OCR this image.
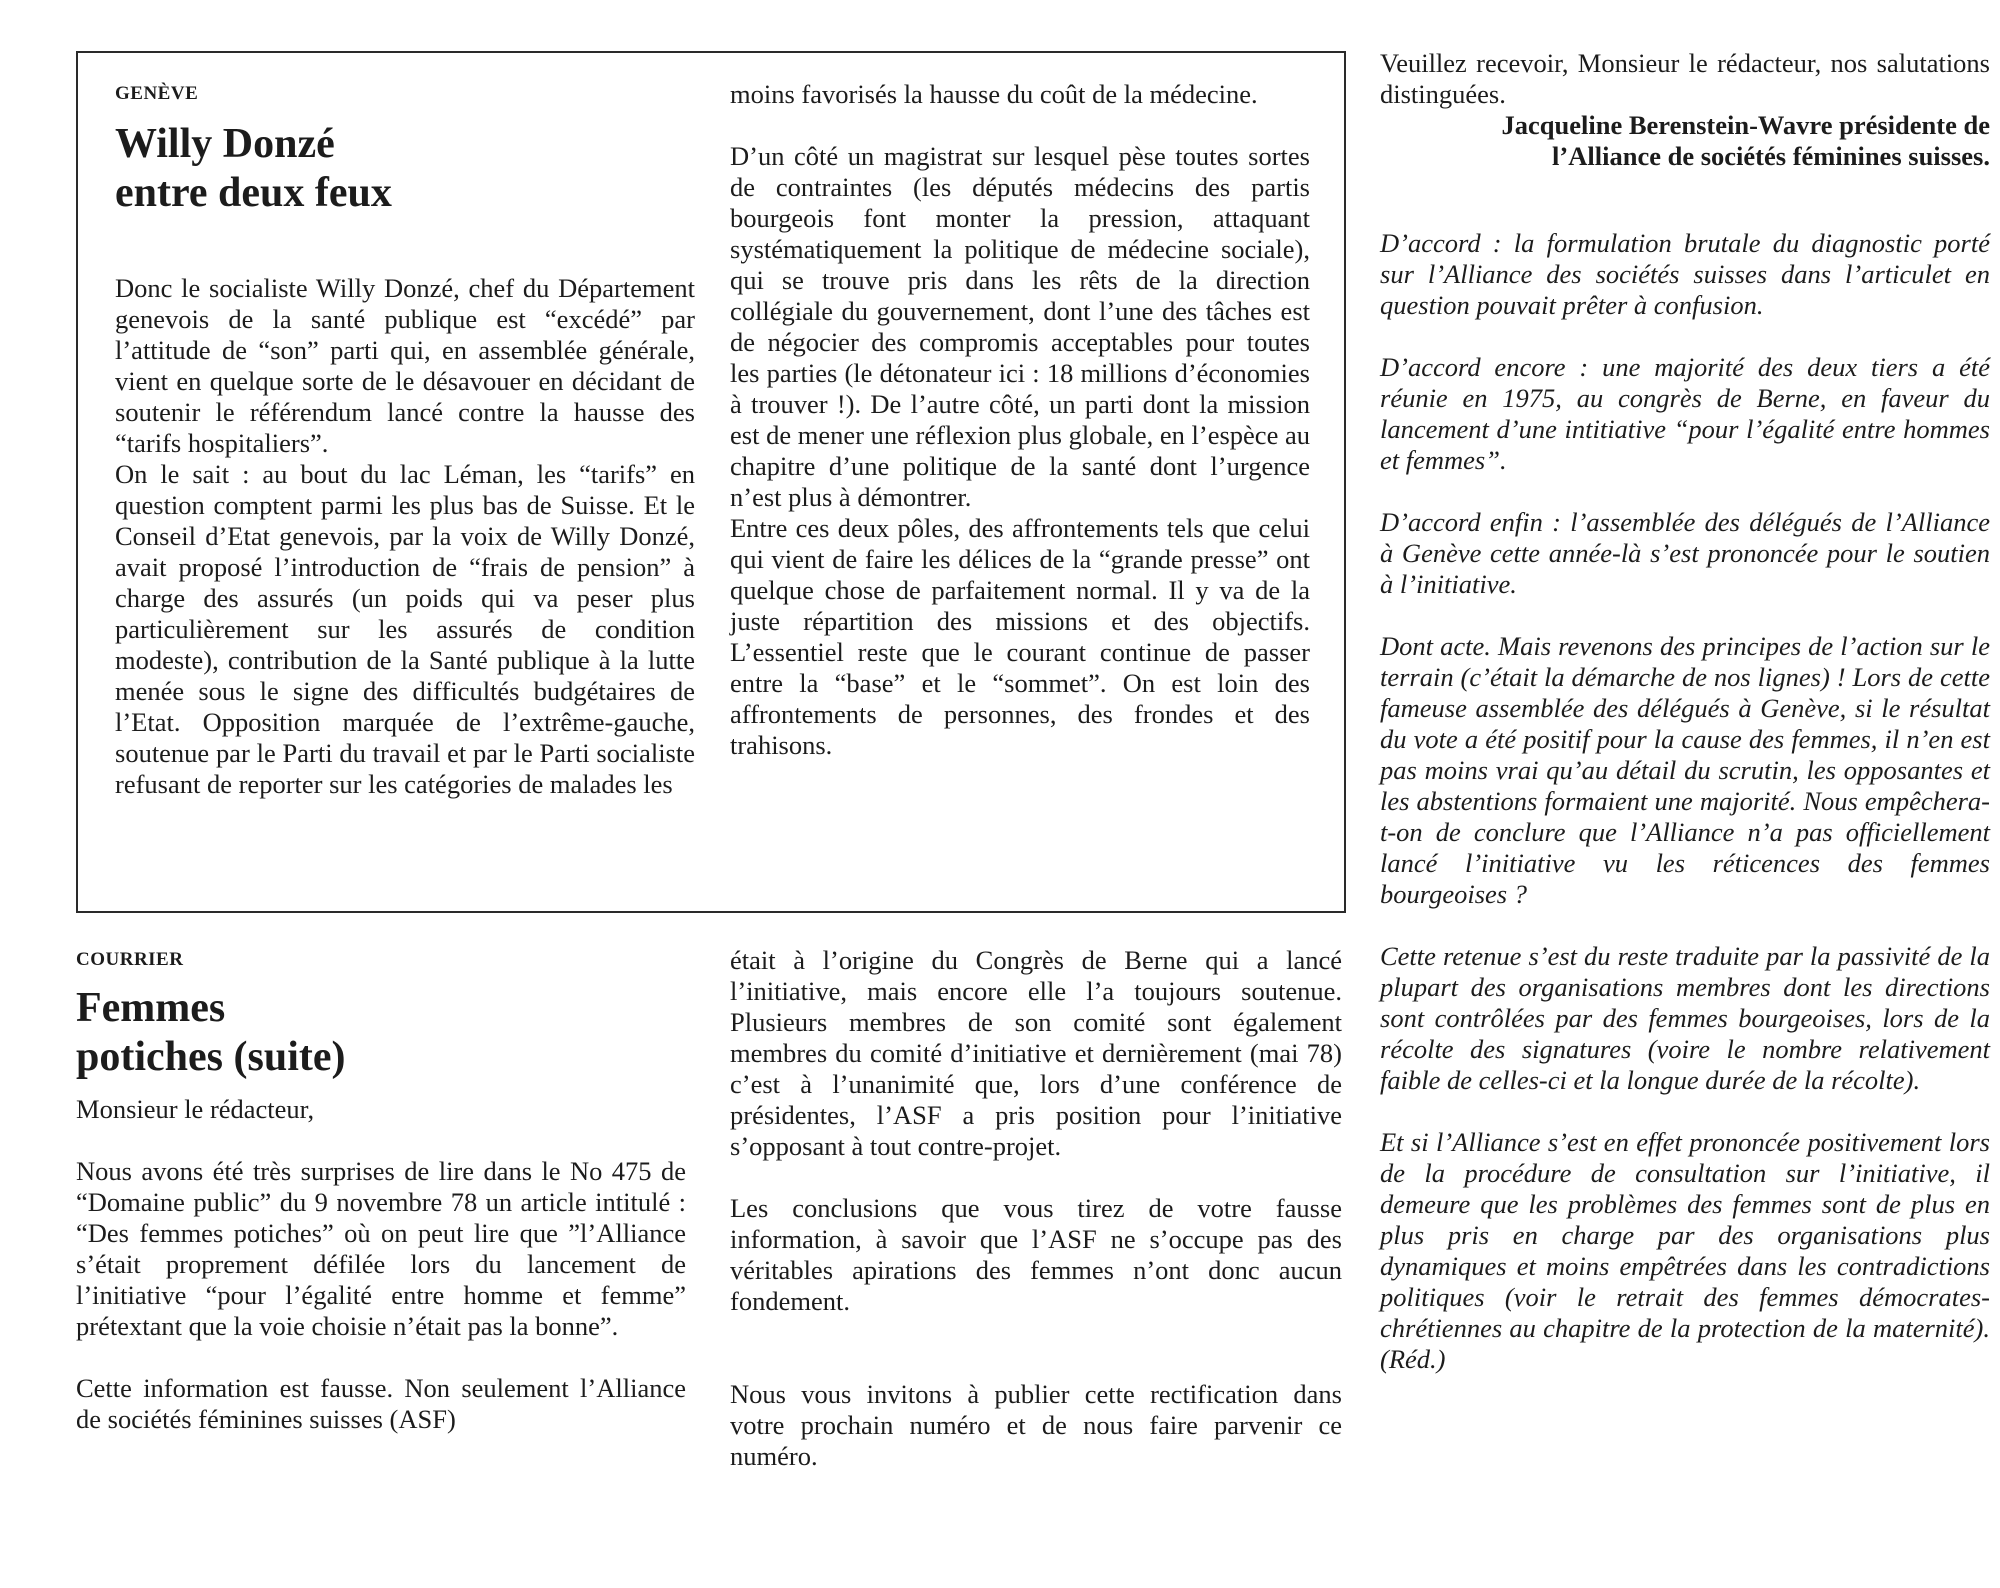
GENÈVE
Willy Donzé
entre deux feux

Donc le socialiste Willy Donzé, chef du Département genevois de la santé publique est “excédé” par l’attitude de “son” parti qui, en assemblée générale, vient en quelque sorte de le désavouer en décidant de soutenir le référendum lancé contre la hausse des “tarifs hospitaliers”.

On le sait : au bout du lac Léman, les “tarifs” en question comptent parmi les plus bas de Suisse. Et le Conseil d’Etat genevois, par la voix de Willy Donzé, avait proposé l’introduction de “frais de pension” à charge des assurés (un poids qui va peser plus particulièrement sur les assurés de condition modeste), contribution de la Santé publique à la lutte menée sous le signe des difficultés budgétaires de l’Etat. Opposition marquée de l’extrême-gauche, soutenue par le Parti du travail et par le Parti socialiste refusant de reporter sur les catégories de malades les

moins favorisés la hausse du coût de la médecine.

D’un côté un magistrat sur lesquel pèse toutes sortes de contraintes (les députés médecins des partis bourgeois font monter la pression, attaquant systématiquement la politique de médecine sociale), qui se trouve pris dans les rêts de la direction collégiale du gouvernement, dont l’une des tâches est de négocier des compromis acceptables pour toutes les parties (le détonateur ici : 18 millions d’économies à trouver !). De l’autre côté, un parti dont la mission est de mener une réflexion plus globale, en l’espèce au chapitre d’une politique de la santé dont l’urgence n’est plus à démontrer.

Entre ces deux pôles, des affrontements tels que celui qui vient de faire les délices de la “grande presse” ont quelque chose de parfaitement normal. Il y va de la juste répartition des missions et des objectifs. L’essentiel reste que le courant continue de passer entre la “base” et le “sommet”. On est loin des affrontements de personnes, des frondes et des trahisons.

COURRIER
Femmes
potiches (suite)

Monsieur le rédacteur,

Nous avons été très surprises de lire dans le No 475 de “Domaine public” du 9 novembre 78 un article intitulé : “Des femmes potiches” où on peut lire que ”l’Alliance s’était proprement défilée lors du lancement de l’initiative “pour l’égalité entre homme et femme” prétextant que la voie choisie n’était pas la bonne”.

Cette information est fausse. Non seulement l’Alliance de sociétés féminines suisses (ASF)

était à l’origine du Congrès de Berne qui a lancé l’initiative, mais encore elle l’a toujours soutenue. Plusieurs membres de son comité sont également membres du comité d’initiative et dernièrement (mai 78) c’est à l’unanimité que, lors d’une conférence de présidentes, l’ASF a pris position pour l’initiative s’opposant à tout contre-projet.

Les conclusions que vous tirez de votre fausse information, à savoir que l’ASF ne s’occupe pas des véritables apirations des femmes n’ont donc aucun fondement.

Nous vous invitons à publier cette rectification dans votre prochain numéro et de nous faire parvenir ce numéro.

Veuillez recevoir, Monsieur le rédacteur, nos salutations distinguées.

Jacqueline Berenstein-Wavre présidente de
l’Alliance de sociétés féminines suisses.

D’accord : la formulation brutale du diagnostic porté sur l’Alliance des sociétés suisses dans l’articulet en question pouvait prêter à confusion.

D’accord encore : une majorité des deux tiers a été réunie en 1975, au congrès de Berne, en faveur du lancement d’une intitiative “pour l’égalité entre hommes et femmes”.

D’accord enfin : l’assemblée des délégués de l’Alliance à Genève cette année-là s’est prononcée pour le soutien à l’initiative.

Dont acte. Mais revenons des principes de l’action sur le terrain (c’était la démarche de nos lignes) ! Lors de cette fameuse assemblée des délégués à Genève, si le résultat du vote a été positif pour la cause des femmes, il n’en est pas moins vrai qu’au détail du scrutin, les opposantes et les abstentions formaient une majorité. Nous empêchera-t-on de conclure que l’Alliance n’a pas officiellement lancé l’initiative vu les réticences des femmes bourgeoises ?

Cette retenue s’est du reste traduite par la passivité de la plupart des organisations membres dont les directions sont contrôlées par des femmes bourgeoises, lors de la récolte des signatures (voire le nombre relativement faible de celles-ci et la longue durée de la récolte).

Et si l’Alliance s’est en effet prononcée positivement lors de la procédure de consultation sur l’initiative, il demeure que les problèmes des femmes sont de plus en plus pris en charge par des organisations plus dynamiques et moins empêtrées dans les contradictions politiques (voir le retrait des femmes démocrates-chrétiennes au chapitre de la protection de la maternité). (Réd.)
